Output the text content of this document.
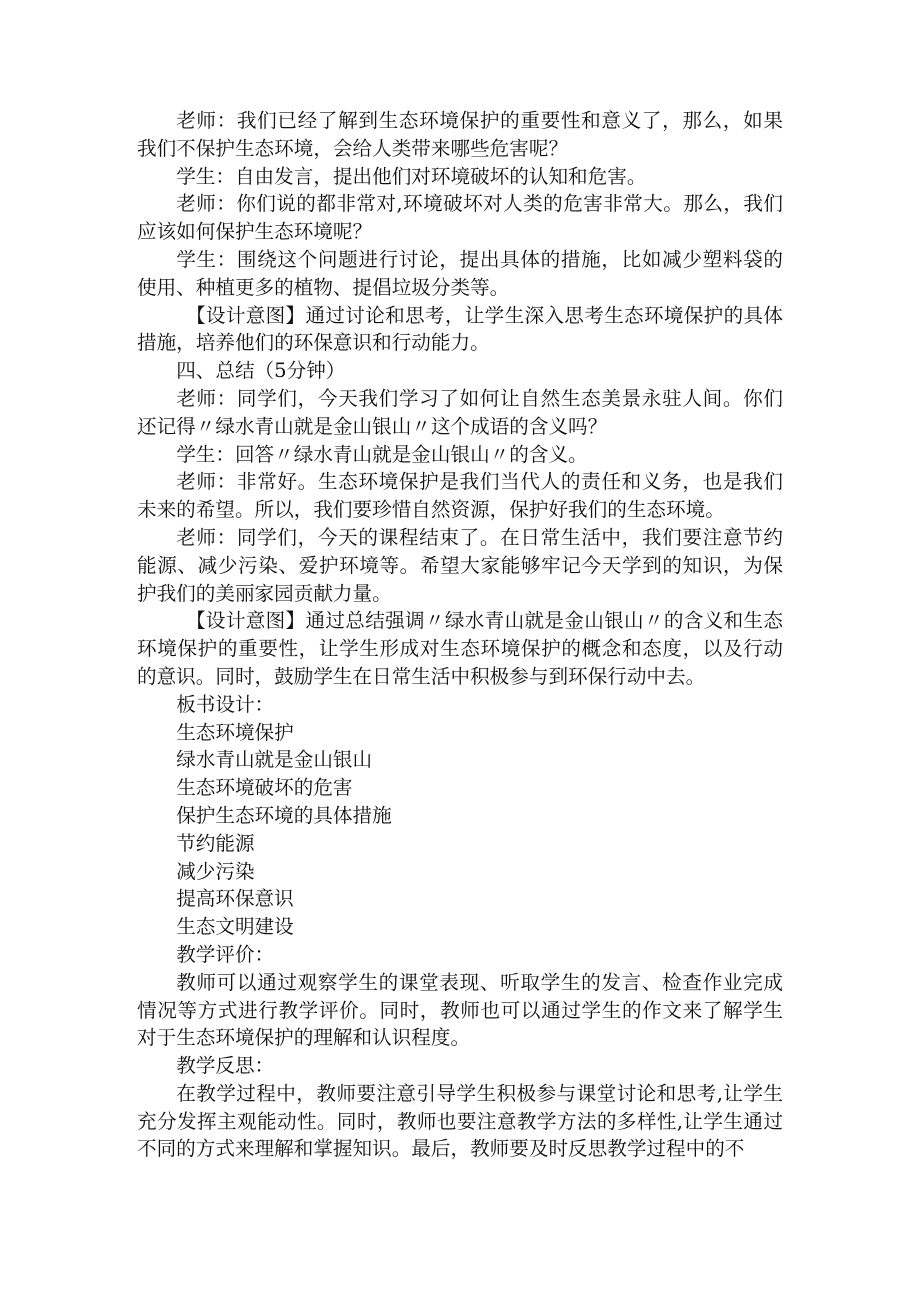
老师：我们已经了解到生态环境保护的重要性和意义了，那么，如果我们不保护生态环境，会给人类带来哪些危害呢？

学生：自由发言，提出他们对环境破坏的认知和危害。

老师：你们说的都非常对,环境破坏对人类的危害非常大。那么，我们应该如何保护生态环境呢？

学生：围绕这个问题进行讨论，提出具体的措施，比如减少塑料袋的使用、种植更多的植物、提倡垃圾分类等。

【设计意图】通过讨论和思考，让学生深入思考生态环境保护的具体措施，培养他们的环保意识和行动能力。

四、总结（5分钟）

老师：同学们，今天我们学习了如何让自然生态美景永驻人间。你们还记得〃绿水青山就是金山银山〃这个成语的含义吗？

学生：回答〃绿水青山就是金山银山〃的含义。

老师：非常好。生态环境保护是我们当代人的责任和义务，也是我们未来的希望。所以，我们要珍惜自然资源，保护好我们的生态环境。

老师：同学们，今天的课程结束了。在日常生活中，我们要注意节约能源、减少污染、爱护环境等。希望大家能够牢记今天学到的知识，为保护我们的美丽家园贡献力量。

【设计意图】通过总结强调〃绿水青山就是金山银山〃的含义和生态环境保护的重要性，让学生形成对生态环境保护的概念和态度，以及行动的意识。同时，鼓励学生在日常生活中积极参与到环保行动中去。

板书设计：

生态环境保护

绿水青山就是金山银山

生态环境破坏的危害

保护生态环境的具体措施

节约能源

减少污染

提高环保意识

生态文明建设

教学评价：

教师可以通过观察学生的课堂表现、听取学生的发言、检查作业完成情况等方式进行教学评价。同时，教师也可以通过学生的作文来了解学生对于生态环境保护的理解和认识程度。

教学反思：

在教学过程中，教师要注意引导学生积极参与课堂讨论和思考,让学生充分发挥主观能动性。同时，教师也要注意教学方法的多样性,让学生通过不同的方式来理解和掌握知识。最后，教师要及时反思教学过程中的不
